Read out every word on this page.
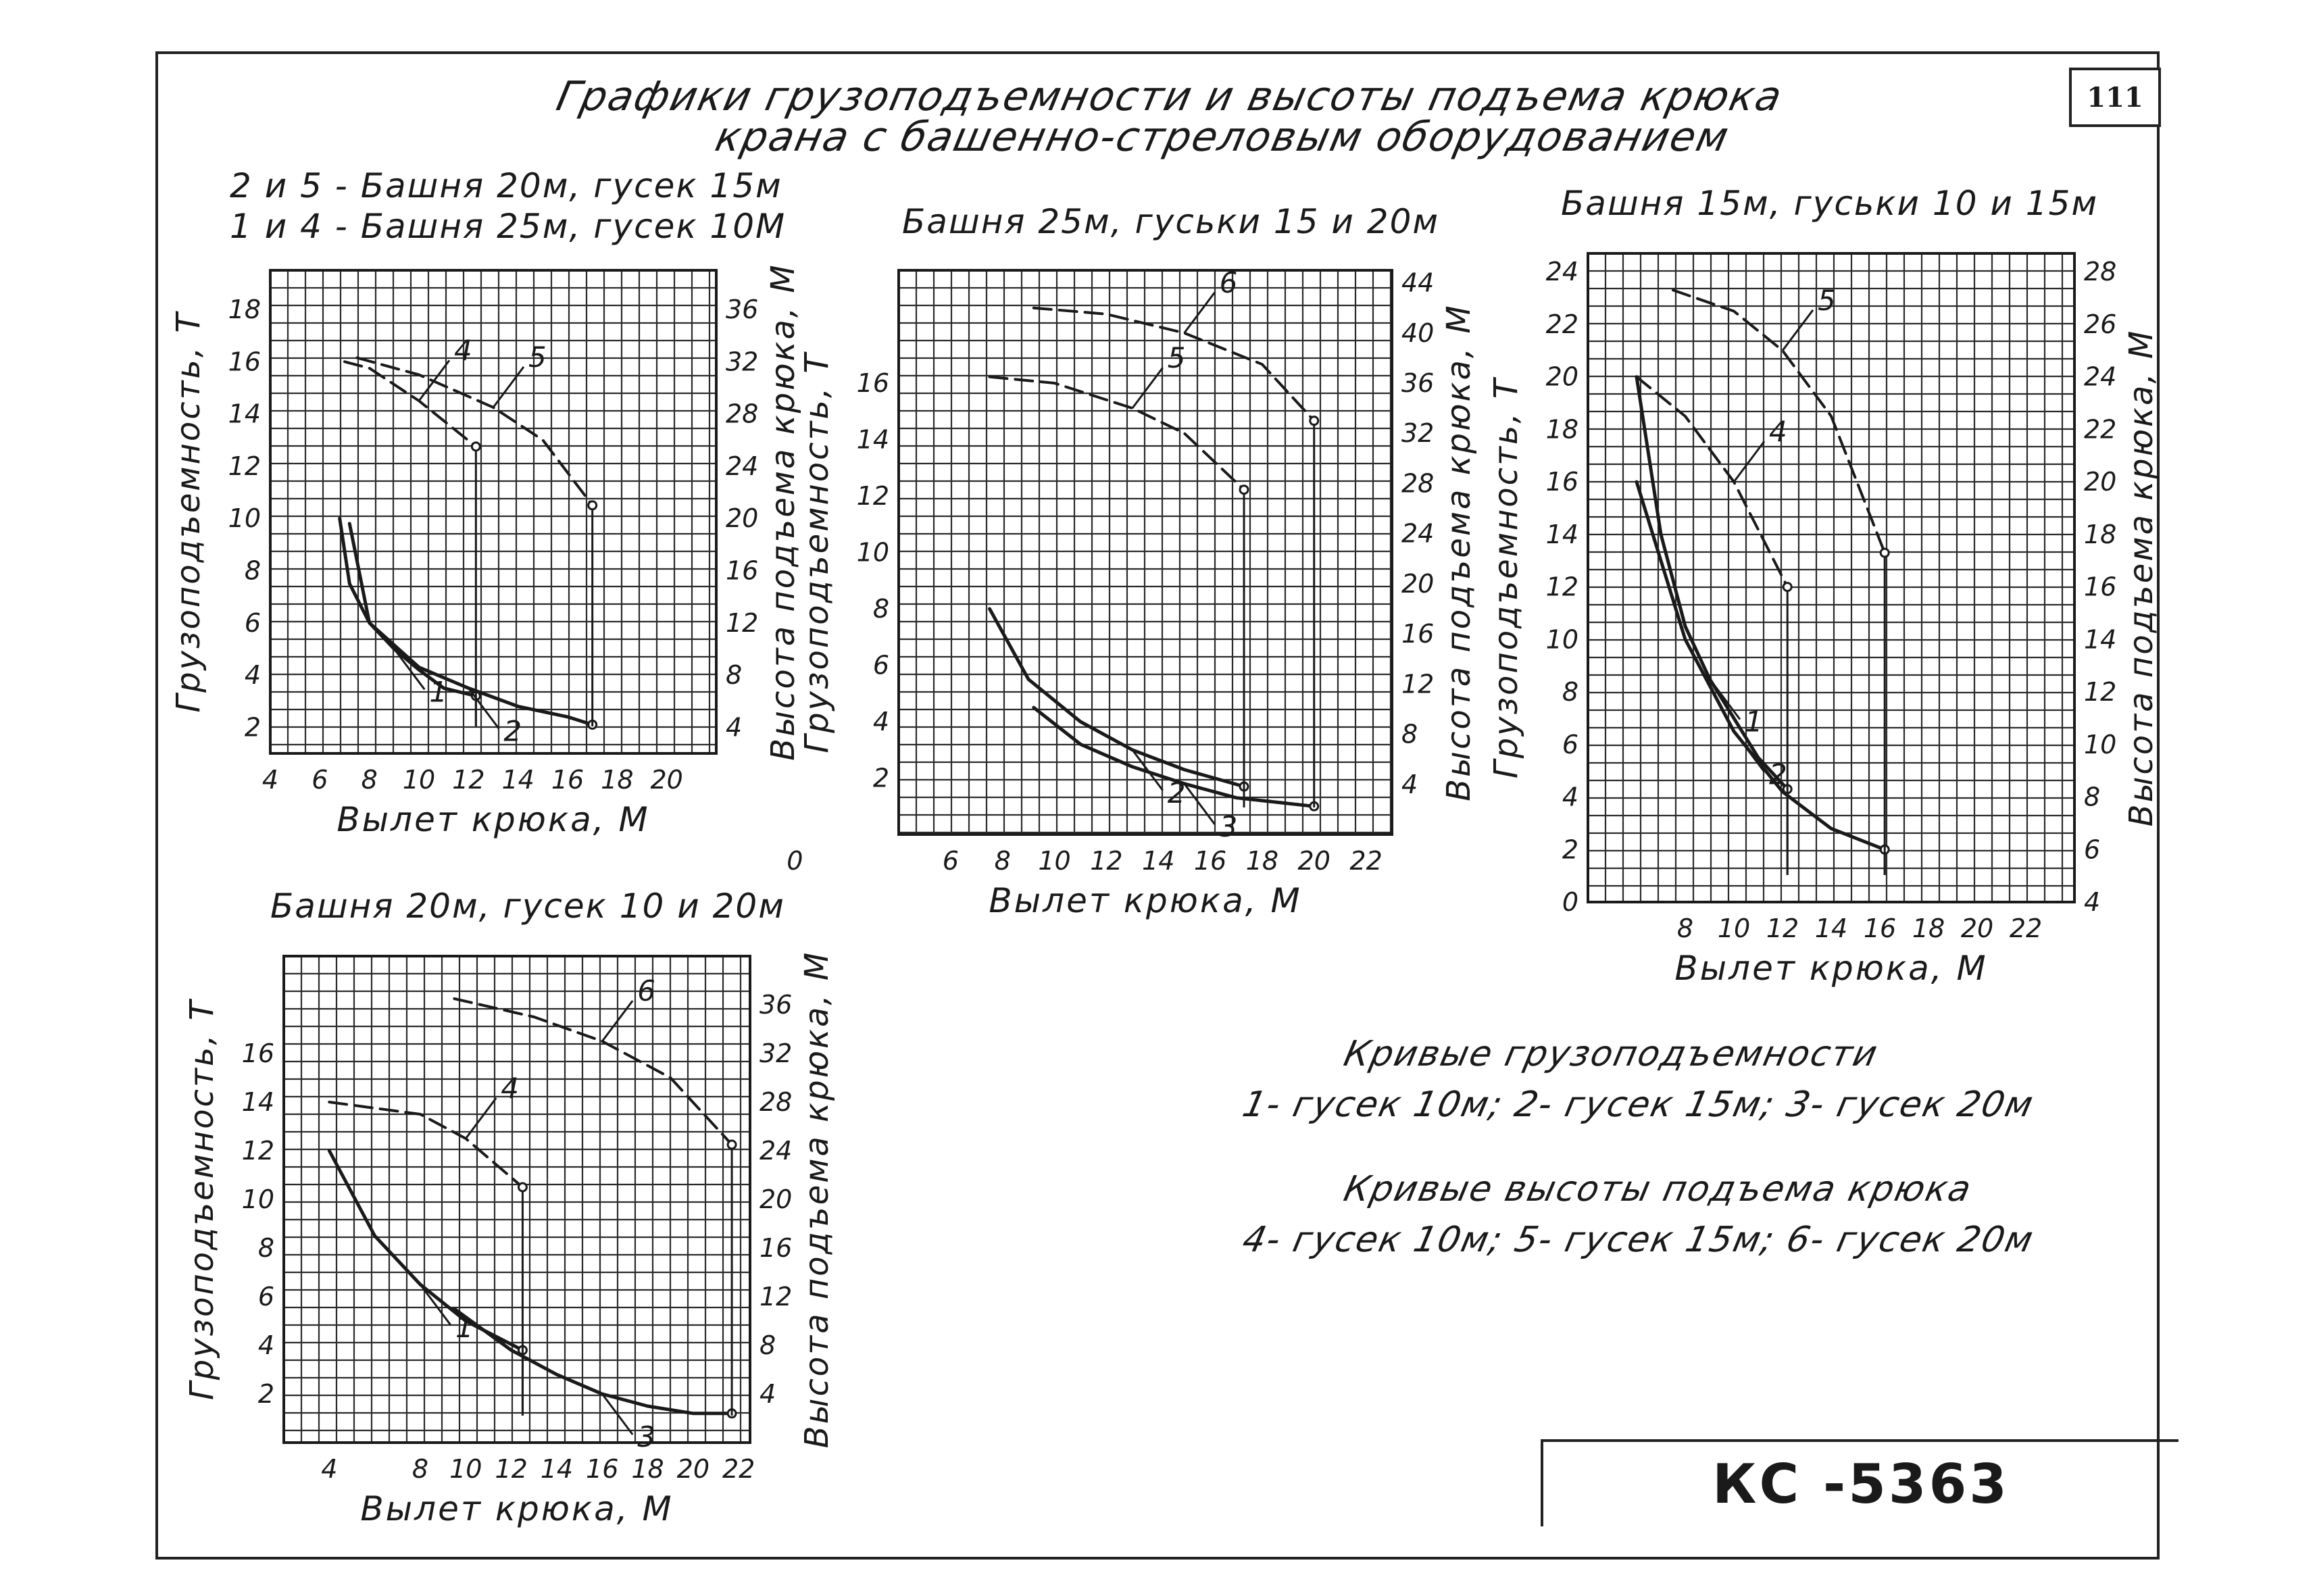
111
Графики грузоподъемности и высоты подъема крюка
крана с башенно-стреловым оборудованием
2 и 5 - Башня 20м, гусек 15м
1 и 4 - Башня 25м, гусек 10М
4 6 8 10 12 14 16 18 20
2
4
6
8
10
12
14
16
18
4
8
12
16
20
24
28
32
36
Вылет крюка, М
Грузоподъемность, Т	Высота подъема крюка, М
1
2
4 5
Башня 25м, гуськи 15 и 20м
0	6 8 10 12 14 16 18 20 22
2
4
6
8
10
12
14
16
4
8
12
16
20
24
28
32
36
40
44
Вылет крюка, М
Грузоподъемность, Т	Высота подъема крюка, М
2
3
5
6
Башня 15м, гуськи 10 и 15м
8 10 12 14 16 18 20 22
0
2
4
6
8
10
12
14
16
18
20
22
24
4
6
8
10
12
14
16
18
20
22
24
26
28
Вылет крюка, М
Грузоподъемность, Т	Высота подъема крюка, М
1
2
4
5
Башня 20м, гусек 10 и 20м
4	8 10 12 14 16 18 20 22
2
4
6
8
10
12
14
16
4
8
12
16
20
24
28
32
36
Вылет крюка, М
Грузоподъемность, Т	Высота подъема крюка, М
1
3
4
6
Кривые грузоподъемности
1- гусек 10м; 2- гусек 15м; 3- гусек 20м
Кривые высоты подъема крюка
4- гусек 10м; 5- гусек 15м; 6- гусек 20м
КС -5363
